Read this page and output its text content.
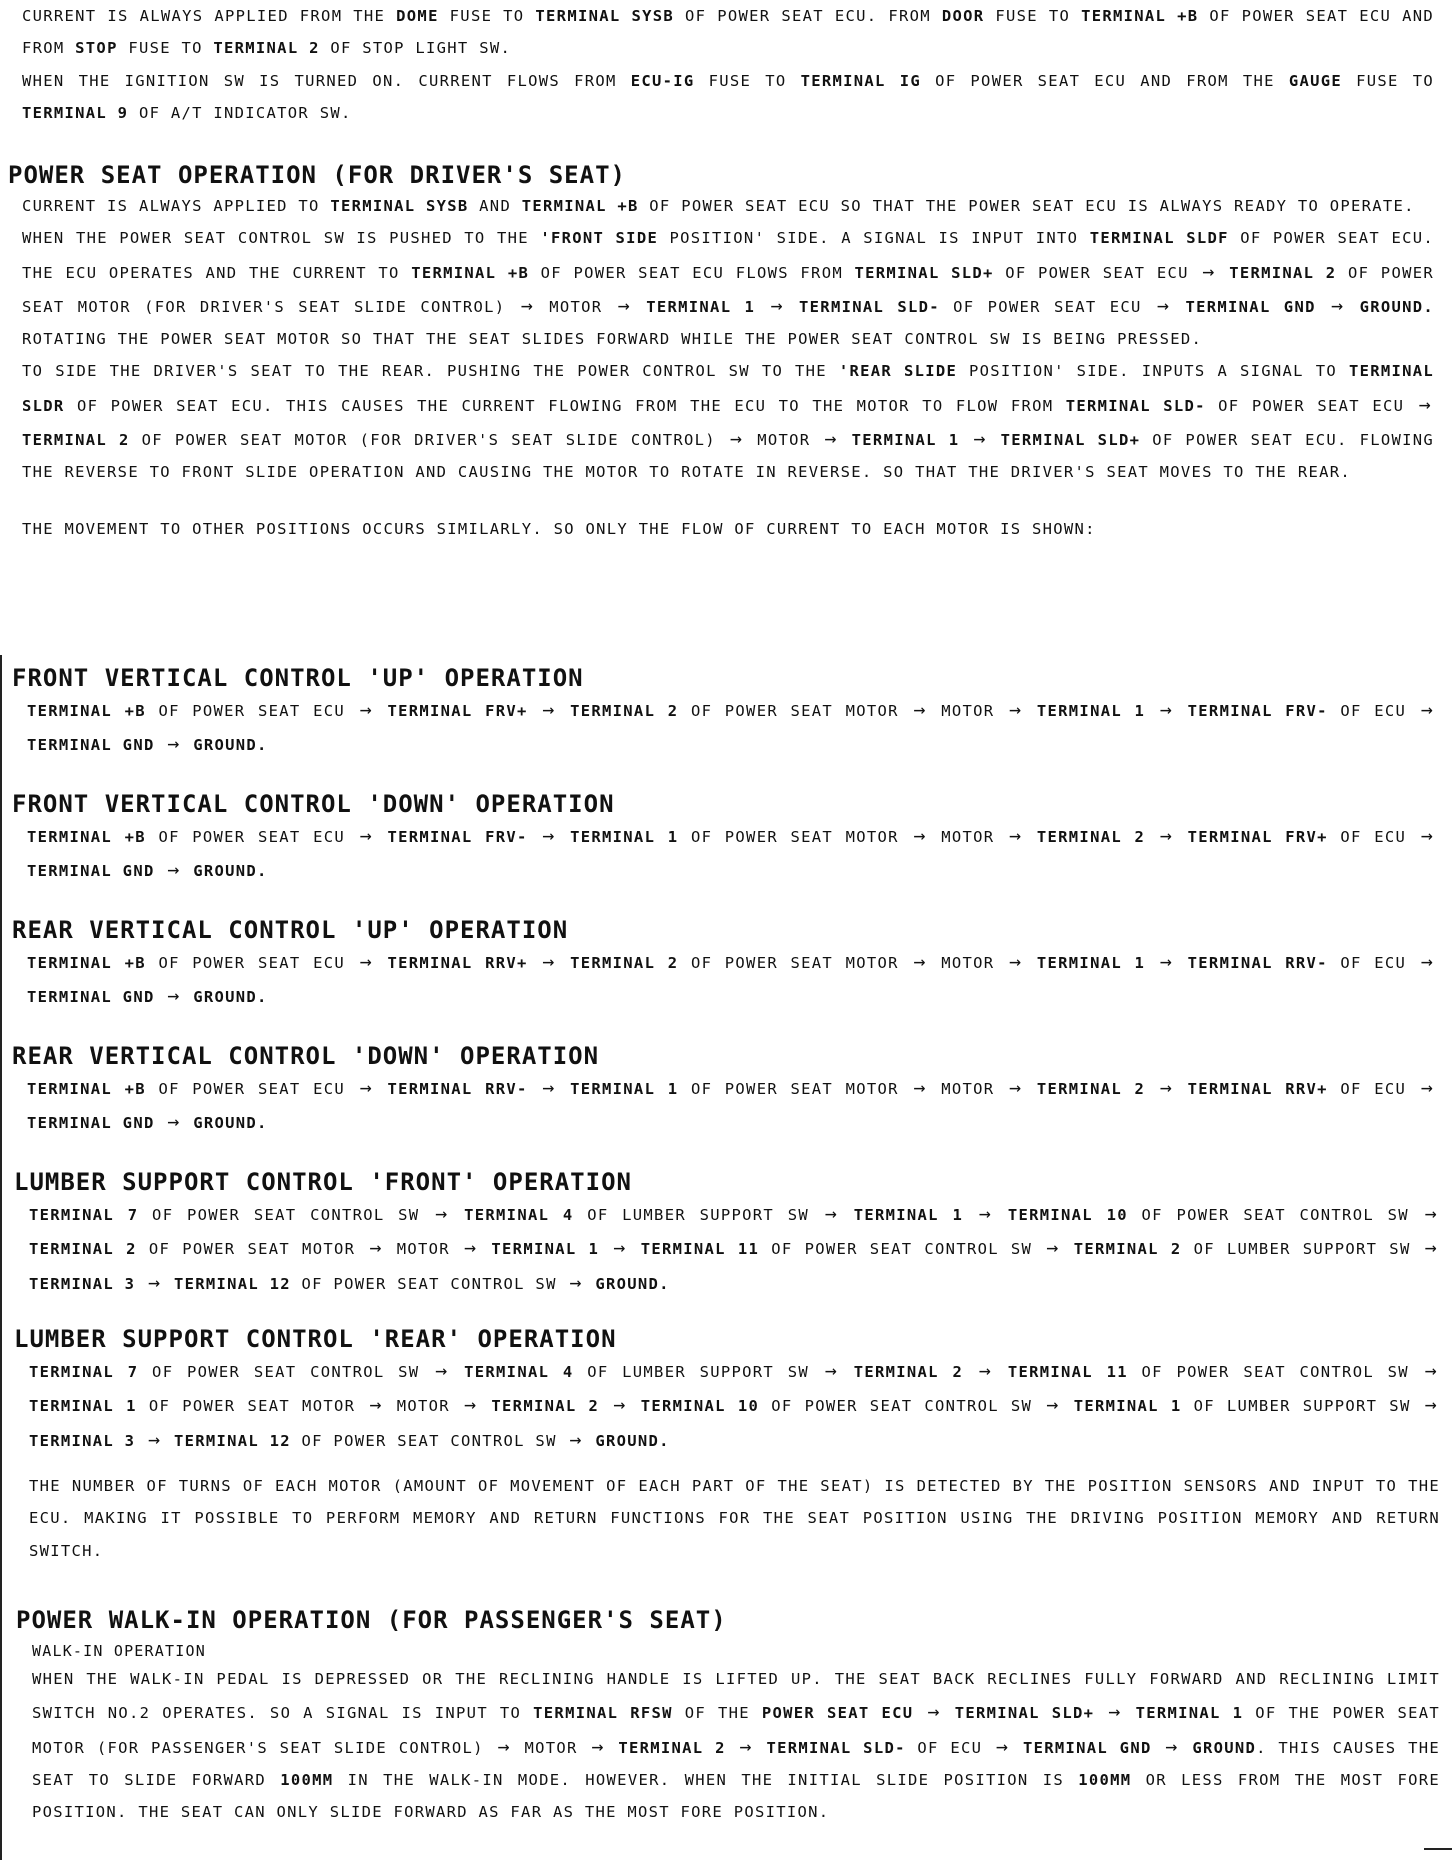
CURRENT IS ALWAYS APPLIED FROM THE DOME FUSE TO TERMINAL SYSB OF POWER SEAT ECU. FROM DOOR FUSE TO TERMINAL +B OF POWER SEAT ECU AND FROM STOP FUSE TO TERMINAL 2 OF STOP LIGHT SW.

WHEN THE IGNITION SW IS TURNED ON. CURRENT FLOWS FROM ECU-IG FUSE TO TERMINAL IG OF POWER SEAT ECU AND FROM THE GAUGE FUSE TO TERMINAL 9 OF A/T INDICATOR SW.

POWER SEAT OPERATION (FOR DRIVER'S SEAT)

CURRENT IS ALWAYS APPLIED TO TERMINAL SYSB AND TERMINAL +B OF POWER SEAT ECU SO THAT THE POWER SEAT ECU IS ALWAYS READY TO OPERATE.

WHEN THE POWER SEAT CONTROL SW IS PUSHED TO THE 'FRONT SIDE POSITION' SIDE. A SIGNAL IS INPUT INTO TERMINAL SLDF OF POWER SEAT ECU. THE ECU OPERATES AND THE CURRENT TO TERMINAL +B OF POWER SEAT ECU FLOWS FROM TERMINAL SLD+ OF POWER SEAT ECU → TERMINAL 2 OF POWER SEAT MOTOR (FOR DRIVER'S SEAT SLIDE CONTROL) → MOTOR → TERMINAL 1 → TERMINAL SLD- OF POWER SEAT ECU → TERMINAL GND → GROUND. ROTATING THE POWER SEAT MOTOR SO THAT THE SEAT SLIDES FORWARD WHILE THE POWER SEAT CONTROL SW IS BEING PRESSED.

TO SIDE THE DRIVER'S SEAT TO THE REAR. PUSHING THE POWER CONTROL SW TO THE 'REAR SLIDE POSITION' SIDE. INPUTS A SIGNAL TO TERMINAL SLDR OF POWER SEAT ECU. THIS CAUSES THE CURRENT FLOWING FROM THE ECU TO THE MOTOR TO FLOW FROM TERMINAL SLD- OF POWER SEAT ECU → TERMINAL 2 OF POWER SEAT MOTOR (FOR DRIVER'S SEAT SLIDE CONTROL) → MOTOR → TERMINAL 1 → TERMINAL SLD+ OF POWER SEAT ECU. FLOWING THE REVERSE TO FRONT SLIDE OPERATION AND CAUSING THE MOTOR TO ROTATE IN REVERSE. SO THAT THE DRIVER'S SEAT MOVES TO THE REAR.

THE MOVEMENT TO OTHER POSITIONS OCCURS SIMILARLY. SO ONLY THE FLOW OF CURRENT TO EACH MOTOR IS SHOWN:

FRONT VERTICAL CONTROL 'UP' OPERATION

TERMINAL +B OF POWER SEAT ECU → TERMINAL FRV+ → TERMINAL 2 OF POWER SEAT MOTOR → MOTOR → TERMINAL 1 → TERMINAL FRV- OF ECU → TERMINAL GND → GROUND.

FRONT VERTICAL CONTROL 'DOWN' OPERATION

TERMINAL +B OF POWER SEAT ECU → TERMINAL FRV- → TERMINAL 1 OF POWER SEAT MOTOR → MOTOR → TERMINAL 2 → TERMINAL FRV+ OF ECU → TERMINAL GND → GROUND.

REAR VERTICAL CONTROL 'UP' OPERATION

TERMINAL +B OF POWER SEAT ECU → TERMINAL RRV+ → TERMINAL 2 OF POWER SEAT MOTOR → MOTOR → TERMINAL 1 → TERMINAL RRV- OF ECU → TERMINAL GND → GROUND.

REAR VERTICAL CONTROL 'DOWN' OPERATION

TERMINAL +B OF POWER SEAT ECU → TERMINAL RRV- → TERMINAL 1 OF POWER SEAT MOTOR → MOTOR → TERMINAL 2 → TERMINAL RRV+ OF ECU → TERMINAL GND → GROUND.

LUMBER SUPPORT CONTROL 'FRONT' OPERATION

TERMINAL 7 OF POWER SEAT CONTROL SW → TERMINAL 4 OF LUMBER SUPPORT SW → TERMINAL 1 → TERMINAL 10 OF POWER SEAT CONTROL SW → TERMINAL 2 OF POWER SEAT MOTOR → MOTOR → TERMINAL 1 → TERMINAL 11 OF POWER SEAT CONTROL SW → TERMINAL 2 OF LUMBER SUPPORT SW → TERMINAL 3 → TERMINAL 12 OF POWER SEAT CONTROL SW → GROUND.

LUMBER SUPPORT CONTROL 'REAR' OPERATION

TERMINAL 7 OF POWER SEAT CONTROL SW → TERMINAL 4 OF LUMBER SUPPORT SW → TERMINAL 2 → TERMINAL 11 OF POWER SEAT CONTROL SW → TERMINAL 1 OF POWER SEAT MOTOR → MOTOR → TERMINAL 2 → TERMINAL 10 OF POWER SEAT CONTROL SW → TERMINAL 1 OF LUMBER SUPPORT SW → TERMINAL 3 → TERMINAL 12 OF POWER SEAT CONTROL SW → GROUND.

THE NUMBER OF TURNS OF EACH MOTOR (AMOUNT OF MOVEMENT OF EACH PART OF THE SEAT) IS DETECTED BY THE POSITION SENSORS AND INPUT TO THE ECU. MAKING IT POSSIBLE TO PERFORM MEMORY AND RETURN FUNCTIONS FOR THE SEAT POSITION USING THE DRIVING POSITION MEMORY AND RETURN SWITCH.

POWER WALK-IN OPERATION (FOR PASSENGER'S SEAT)

WALK-IN OPERATION

WHEN THE WALK-IN PEDAL IS DEPRESSED OR THE RECLINING HANDLE IS LIFTED UP. THE SEAT BACK RECLINES FULLY FORWARD AND RECLINING LIMIT SWITCH NO.2 OPERATES. SO A SIGNAL IS INPUT TO TERMINAL RFSW OF THE POWER SEAT ECU → TERMINAL SLD+ → TERMINAL 1 OF THE POWER SEAT MOTOR (FOR PASSENGER'S SEAT SLIDE CONTROL) → MOTOR → TERMINAL 2 → TERMINAL SLD- OF ECU → TERMINAL GND → GROUND. THIS CAUSES THE SEAT TO SLIDE FORWARD 100MM IN THE WALK-IN MODE. HOWEVER. WHEN THE INITIAL SLIDE POSITION IS 100MM OR LESS FROM THE MOST FORE POSITION. THE SEAT CAN ONLY SLIDE FORWARD AS FAR AS THE MOST FORE POSITION.
